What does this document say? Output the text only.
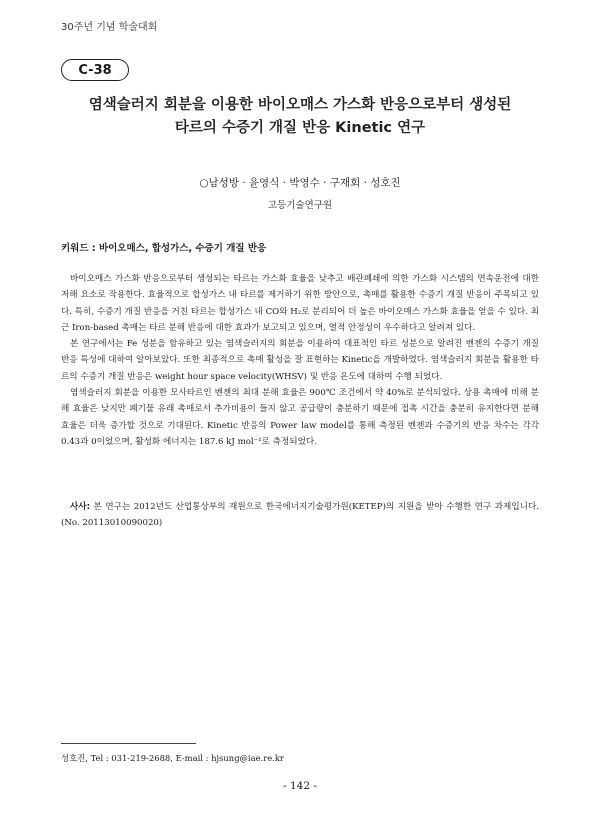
30주년 기념 학술대회
C-38
염색슬러지 회분을 이용한 바이오매스 가스화 반응으로부터 생성된
타르의 수증기 개질 반응 Kinetic 연구
○남성방 · 윤영식 · 박영수 · 구재회 · 성호진
고등기술연구원
키워드 : 바이오매스, 합성가스, 수증기 개질 반응

바이오매스 가스화 반응으로부터 생성되는 타르는 가스화 효율을 낮추고 배관폐쇄에 의한 가스화 시스템의 연속운전에 대한 저해 요소로 작용한다. 효율적으로 합성가스 내 타르를 제거하기 위한 방안으로, 촉매를 활용한 수증기 개질 반응이 주목되고 있다. 특히, 수증기 개질 반응을 거친 타르는 합성가스 내 CO와 H₂로 분리되어 더 높은 바이오매스 가스화 효율을 얻을 수 있다. 최근 Iron-based 촉매는 타르 분해 반응에 대한 효과가 보고되고 있으며, 열적 안정성이 우수하다고 알려져 있다.

본 연구에서는 Fe 성분을 함유하고 있는 염색슬러지의 회분을 이용하여 대표적인 타르 성분으로 알려진 벤젠의 수증기 개질 반응 특성에 대하여 알아보았다. 또한 최종적으로 촉매 활성을 잘 표현하는 Kinetic을 개발하였다. 염색슬러지 회분을 활용한 타르의 수증기 개질 반응은 weight hour space velocity(WHSV) 및 반응 온도에 대하여 수행 되었다.

염색슬러지 회분을 이용한 모사타르인 벤젠의 최대 분해 효율은 900℃ 조건에서 약 40%로 분석되었다. 상용 촉매에 비해 분해 효율은 낮지만 폐기물 유래 촉매로서 추가비용이 들지 않고 공급량이 충분하기 때문에 접촉 시간을 충분히 유지한다면 분해 효율은 더욱 증가할 것으로 기대된다. Kinetic 반응의 Power law model를 통해 측정된 벤젠과 수증기의 반응 차수는 각각 0.43과 0이었으며, 활성화 에너지는 187.6 kJ mol⁻¹로 측정되었다.

사사: 본 연구는 2012년도 산업통상부의 재원으로 한국에너지기술평가원(KETEP)의 지원을 받아 수행한 연구 과제입니다. (No. 20113010090020)
성호진, Tel : 031-219-2688, E-mail : hjsung@iae.re.kr
- 142 -
